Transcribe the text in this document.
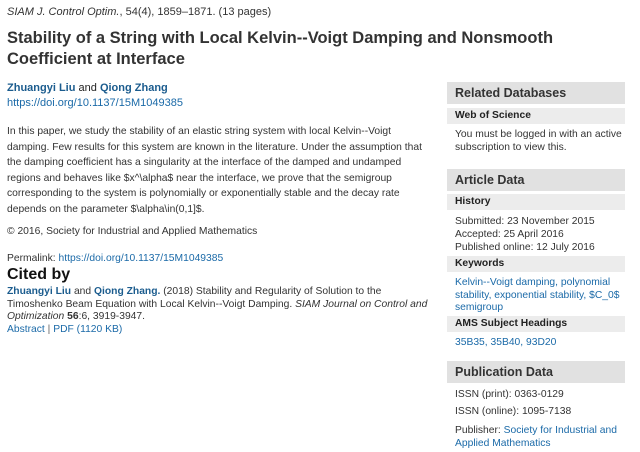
SIAM J. Control Optim., 54(4), 1859–1871. (13 pages)
Stability of a String with Local Kelvin--Voigt Damping and Nonsmooth Coefficient at Interface
Zhuangyi Liu and Qiong Zhang
https://doi.org/10.1137/15M1049385
In this paper, we study the stability of an elastic string system with local Kelvin--Voigt damping. Few results for this system are known in the literature. Under the assumption that the damping coefficient has a singularity at the interface of the damped and undamped regions and behaves like $x^\alpha$ near the interface, we prove that the semigroup corresponding to the system is polynomially or exponentially stable and the decay rate depends on the parameter $\alpha\in(0,1]$.
© 2016, Society for Industrial and Applied Mathematics
Permalink: https://doi.org/10.1137/15M1049385
Cited by
Zhuangyi Liu and Qiong Zhang. (2018) Stability and Regularity of Solution to the Timoshenko Beam Equation with Local Kelvin--Voigt Damping. SIAM Journal on Control and Optimization 56:6, 3919-3947.
Abstract | PDF (1120 KB)
Related Databases
Web of Science
You must be logged in with an active subscription to view this.
Article Data
History
Submitted: 23 November 2015
Accepted: 25 April 2016
Published online: 12 July 2016
Keywords
Kelvin--Voigt damping, polynomial stability, exponential stability, $C_0$ semigroup
AMS Subject Headings
35B35, 35B40, 93D20
Publication Data
ISSN (print): 0363-0129
ISSN (online): 1095-7138
Publisher: Society for Industrial and Applied Mathematics
